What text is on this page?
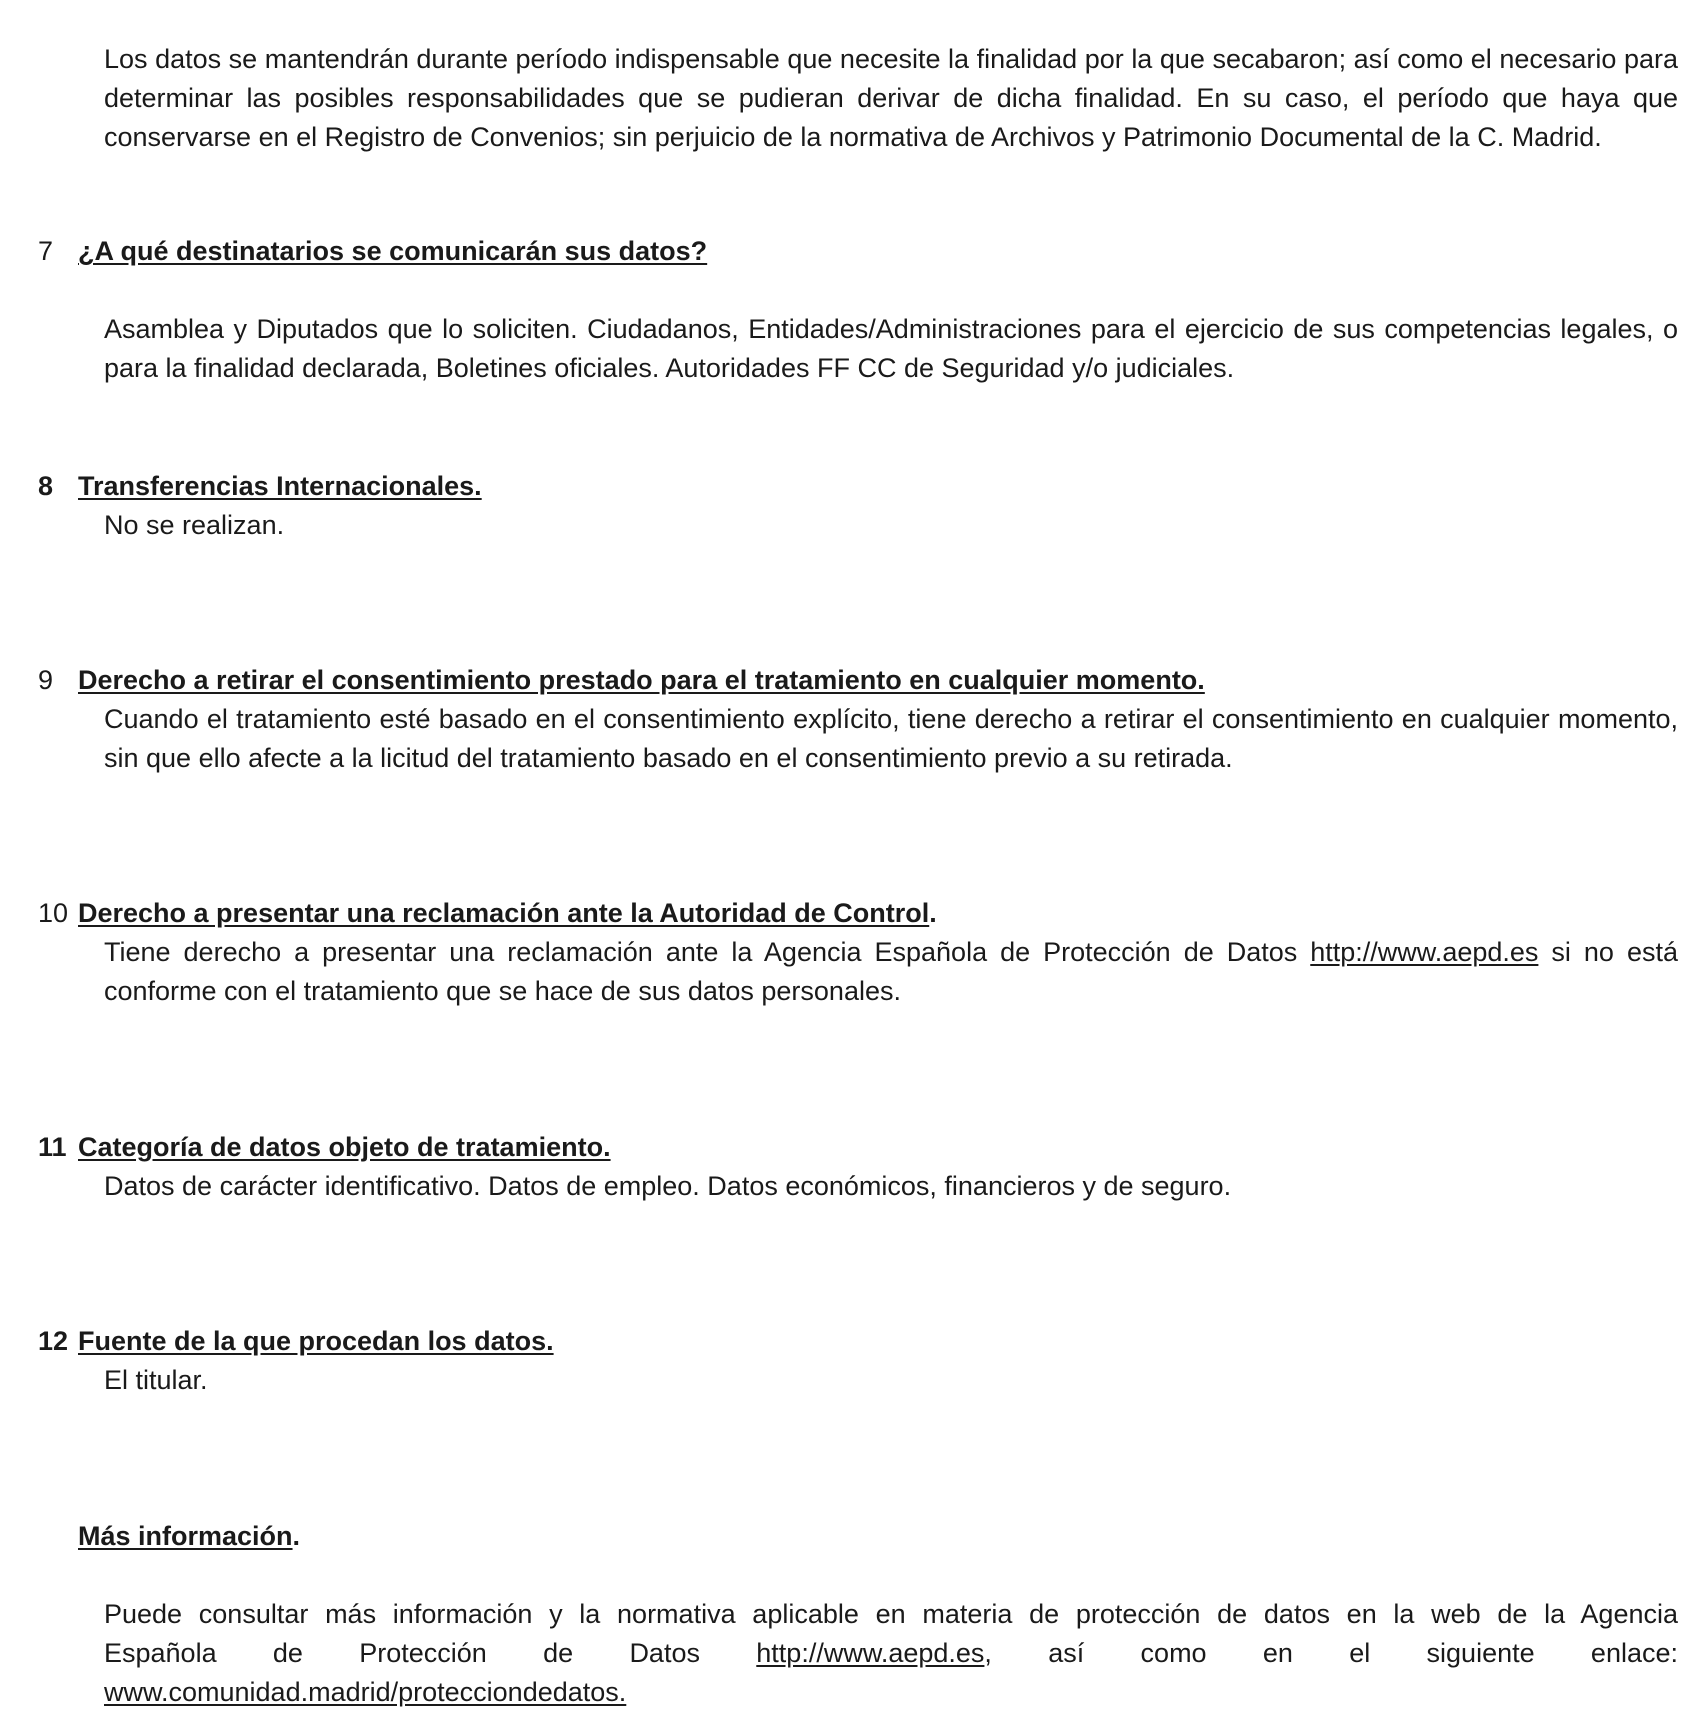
Los datos se mantendrán durante período indispensable que necesite la finalidad por la que secabaron; así como el necesario para determinar las posibles responsabilidades que se pudieran derivar de dicha finalidad. En su caso, el período que haya que conservarse en el Registro de Convenios; sin perjuicio de la normativa de Archivos y Patrimonio Documental de la C. Madrid.

7 ¿A qué destinatarios se comunicarán sus datos?

Asamblea y Diputados que lo soliciten. Ciudadanos, Entidades/Administraciones para el ejercicio de sus competencias legales, o para la finalidad declarada, Boletines oficiales. Autoridades FF CC de Seguridad y/o judiciales.

8 Transferencias Internacionales.

No se realizan.

9 Derecho a retirar el consentimiento prestado para el tratamiento en cualquier momento.

Cuando el tratamiento esté basado en el consentimiento explícito, tiene derecho a retirar el consentimiento en cualquier momento, sin que ello afecte a la licitud del tratamiento basado en el consentimiento previo a su retirada.

10 Derecho a presentar una reclamación ante la Autoridad de Control.

Tiene derecho a presentar una reclamación ante la Agencia Española de Protección de Datos http://www.aepd.es si no está conforme con el tratamiento que se hace de sus datos personales.

11 Categoría de datos objeto de tratamiento.

Datos de carácter identificativo. Datos de empleo. Datos económicos, financieros y de seguro.

12 Fuente de la que procedan los datos.

El titular.

Más información.
Puede consultar más información y la normativa aplicable en materia de protección de datos en la web de la Agencia
Española de Protección de Datos http://www.aepd.es, así como en el siguiente enlace:
www.comunidad.madrid/protecciondedatos.
